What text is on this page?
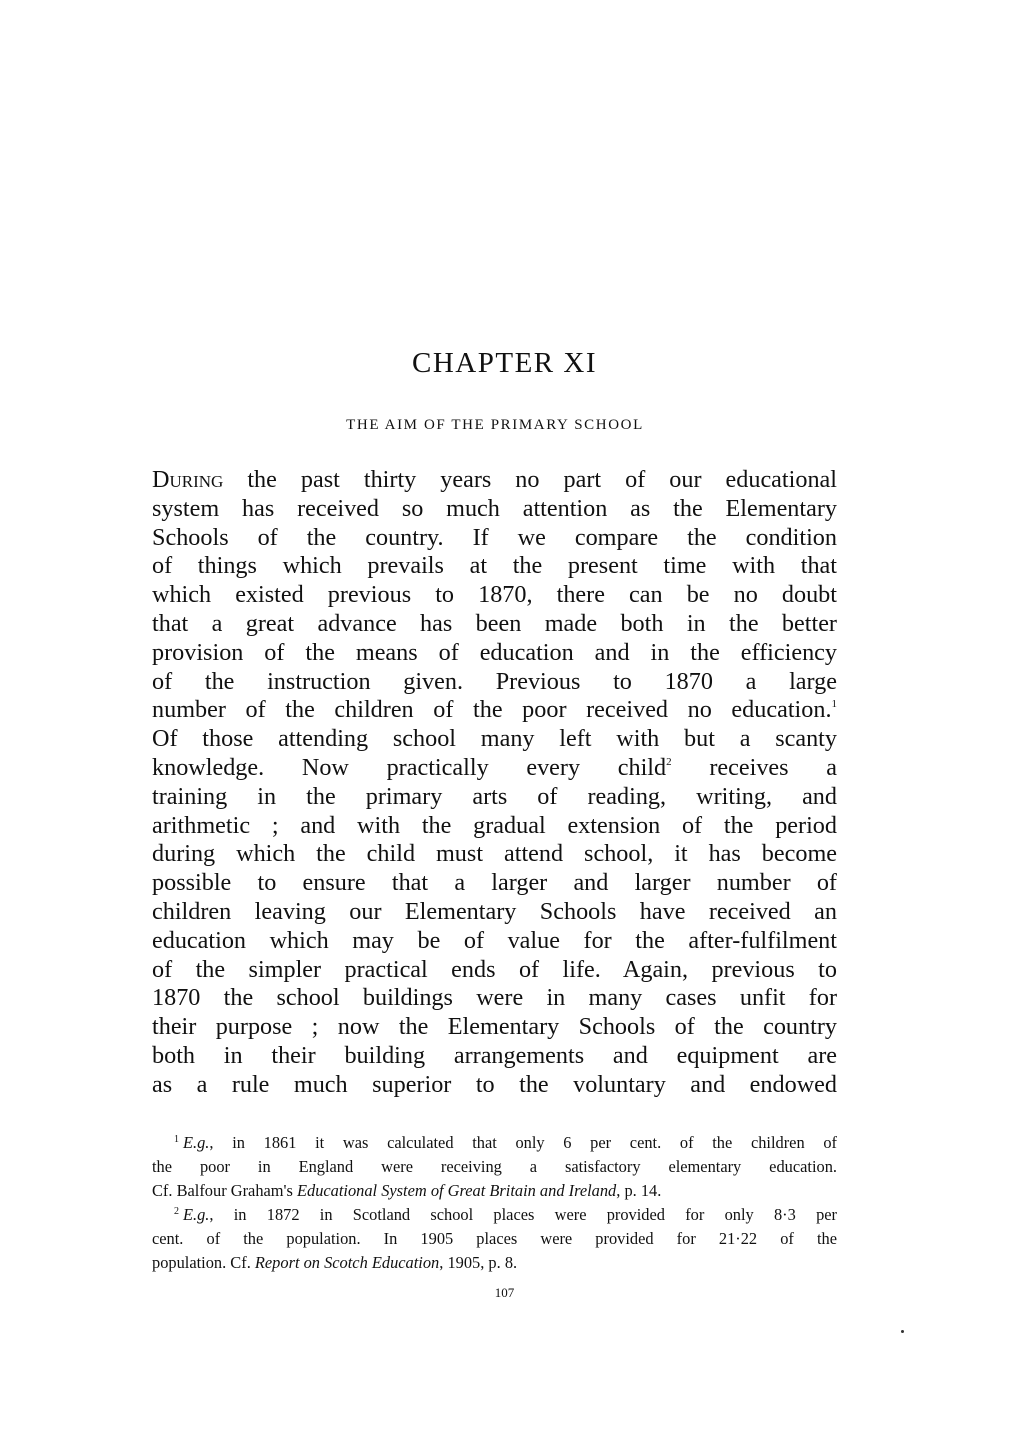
CHAPTER XI
THE AIM OF THE PRIMARY SCHOOL
During the past thirty years no part of our educational
system has received so much attention as the Elementary
Schools of the country. If we compare the condition
of things which prevails at the present time with that
which existed previous to 1870, there can be no doubt
that a great advance has been made both in the better
provision of the means of education and in the efficiency
of the instruction given. Previous to 1870 a large
number of the children of the poor received no education.$^1$
Of those attending school many left with but a scanty
knowledge. Now practically every child$^2$ receives a
training in the primary arts of reading, writing, and
arithmetic ; and with the gradual extension of the period
during which the child must attend school, it has become
possible to ensure that a larger and larger number of
children leaving our Elementary Schools have received an
education which may be of value for the after-fulfilment
of the simpler practical ends of life. Again, previous to
1870 the school buildings were in many cases unfit for
their purpose ; now the Elementary Schools of the country
both in their building arrangements and equipment are
as a rule much superior to the voluntary and endowed
$^1$ E.g., in 1861 it was calculated that only 6 per cent. of the children of
the poor in England were receiving a satisfactory elementary education.
Cf. Balfour Graham's Educational System of Great Britain and Ireland, p. 14.
$^2$ E.g., in 1872 in Scotland school places were provided for only 8·3 per
cent. of the population. In 1905 places were provided for 21·22 of the
population. Cf. Report on Scotch Education, 1905, p. 8.
107
